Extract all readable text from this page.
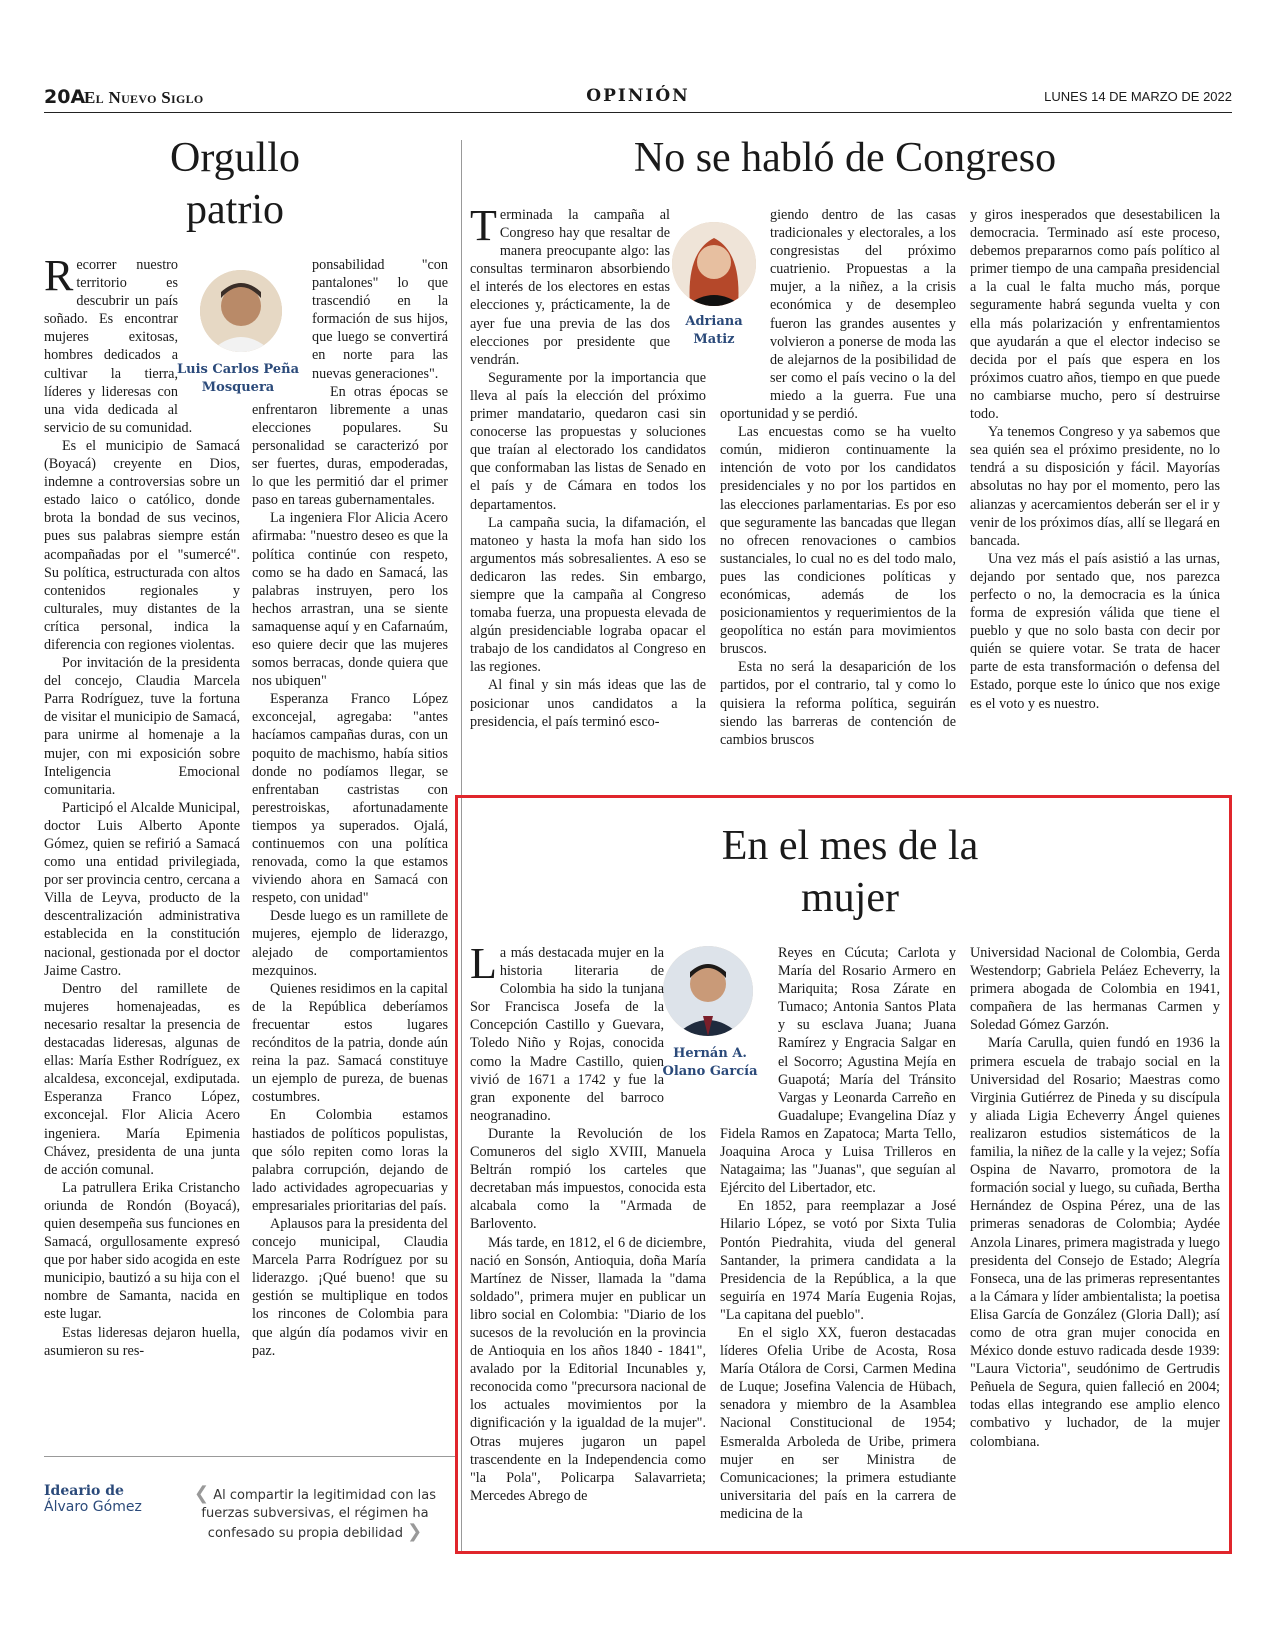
20A
El Nuevo Siglo	OPINIÓN	LUNES 14 DE MARZO DE 2022
Orgullo patrio
Luis Carlos Peña Mosquera

Recorrer nuestro territorio es descubrir un país soñado. Es encontrar mujeres exitosas, hombres dedicados a cultivar la tierra, líderes y lideresas con una vida dedicada al servicio de su comunidad.

Es el municipio de Samacá (Boyacá) creyente en Dios, indemne a controversias sobre un estado laico o católico, donde brota la bondad de sus vecinos, pues sus palabras siempre están acompañadas por el "sumercé". Su política, estructurada con altos contenidos regionales y culturales, muy distantes de la crítica personal, indica la diferencia con regiones violentas.

Por invitación de la presidenta del concejo, Claudia Marcela Parra Rodríguez, tuve la fortuna de visitar el municipio de Samacá, para unirme al homenaje a la mujer, con mi exposición sobre Inteligencia Emocional comunitaria.

Participó el Alcalde Municipal, doctor Luis Alberto Aponte Gómez, quien se refirió a Samacá como una entidad privilegiada, por ser provincia centro, cercana a Villa de Leyva, producto de la descentralización administrativa establecida en la constitución nacional, gestionada por el doctor Jaime Castro.

Dentro del ramillete de mujeres homenajeadas, es necesario resaltar la presencia de destacadas lideresas, algunas de ellas: María Esther Rodríguez, ex alcaldesa, exconcejal, exdiputada. Esperanza Franco López, exconcejal. Flor Alicia Acero ingeniera. María Epimenia Chávez, presidenta de una junta de acción comunal.

La patrullera Erika Cristancho oriunda de Rondón (Boyacá), quien desempeña sus funciones en Samacá, orgullosamente expresó que por haber sido acogida en este municipio, bautizó a su hija con el nombre de Samanta, nacida en este lugar.

Estas lideresas dejaron huella, asumieron su res-

ponsabilidad "con pantalones" lo que trascendió en la formación de sus hijos, que luego se convertirá en norte para las nuevas generaciones".

En otras épocas se enfrentaron libremente a unas elecciones populares. Su personalidad se caracterizó por ser fuertes, duras, empoderadas, lo que les permitió dar el primer paso en tareas gubernamentales.

La ingeniera Flor Alicia Acero afirmaba: "nuestro deseo es que la política continúe con respeto, como se ha dado en Samacá, las palabras instruyen, pero los hechos arrastran, una se siente samaquense aquí y en Cafarnaúm, eso quiere decir que las mujeres somos berracas, donde quiera que nos ubiquen"

Esperanza Franco López exconcejal, agregaba: "antes hacíamos campañas duras, con un poquito de machismo, había sitios donde no podíamos llegar, se enfrentaban castristas con perestroiskas, afortunadamente tiempos ya superados. Ojalá, continuemos con una política renovada, como la que estamos viviendo ahora en Samacá con respeto, con unidad"

Desde luego es un ramillete de mujeres, ejemplo de liderazgo, alejado de comportamientos mezquinos.

Quienes residimos en la capital de la República deberíamos frecuentar estos lugares recónditos de la patria, donde aún reina la paz. Samacá constituye un ejemplo de pureza, de buenas costumbres.

En Colombia estamos hastiados de políticos populistas, que sólo repiten como loras la palabra corrupción, dejando de lado actividades agropecuarias y empresariales prioritarias del país.

Aplausos para la presidenta del concejo municipal, Claudia Marcela Parra Rodríguez por su liderazgo. ¡Qué bueno! que su gestión se multiplique en todos los rincones de Colombia para que algún día podamos vivir en paz.

No se habló de Congreso
Adriana Matiz

Terminada la campaña al Congreso hay que resaltar de manera preocupante algo: las consultas terminaron absorbiendo el interés de los electores en estas elecciones y, prácticamente, la de ayer fue una previa de las dos elecciones por presidente que vendrán.

Seguramente por la importancia que lleva al país la elección del próximo primer mandatario, quedaron casi sin conocerse las propuestas y soluciones que traían al electorado los candidatos que conformaban las listas de Senado en el país y de Cámara en todos los departamentos.

La campaña sucia, la difamación, el matoneo y hasta la mofa han sido los argumentos más sobresalientes. A eso se dedicaron las redes. Sin embargo, siempre que la campaña al Congreso tomaba fuerza, una propuesta elevada de algún presidenciable lograba opacar el trabajo de los candidatos al Congreso en las regiones.

Al final y sin más ideas que las de posicionar unos candidatos a la presidencia, el país terminó esco-

giendo dentro de las casas tradicionales y electorales, a los congresistas del próximo cuatrienio. Propuestas a la mujer, a la niñez, a la crisis económica y de desempleo fueron las grandes ausentes y volvieron a ponerse de moda las de alejarnos de la posibilidad de ser como el país vecino o la del miedo a la guerra. Fue una oportunidad y se perdió.

Las encuestas como se ha vuelto común, midieron continuamente la intención de voto por los candidatos presidenciales y no por los partidos en las elecciones parlamentarias. Es por eso que seguramente las bancadas que llegan no ofrecen renovaciones o cambios sustanciales, lo cual no es del todo malo, pues las condiciones políticas y económicas, además de los posicionamientos y requerimientos de la geopolítica no están para movimientos bruscos.

Esta no será la desaparición de los partidos, por el contrario, tal y como lo quisiera la reforma política, seguirán siendo las barreras de contención de cambios bruscos

y giros inesperados que desestabilicen la democracia. Terminado así este proceso, debemos prepararnos como país político al primer tiempo de una campaña presidencial a la cual le falta mucho más, porque seguramente habrá segunda vuelta y con ella más polarización y enfrentamientos que ayudarán a que el elector indeciso se decida por el país que espera en los próximos cuatro años, tiempo en que puede no cambiarse mucho, pero sí destruirse todo.

Ya tenemos Congreso y ya sabemos que sea quién sea el próximo presidente, no lo tendrá a su disposición y fácil. Mayorías absolutas no hay por el momento, pero las alianzas y acercamientos deberán ser el ir y venir de los próximos días, allí se llegará en bancada.

Una vez más el país asistió a las urnas, dejando por sentado que, nos parezca perfecto o no, la democracia es la única forma de expresión válida que tiene el pueblo y que no solo basta con decir por quién se quiere votar. Se trata de hacer parte de esta transformación o defensa del Estado, porque este lo único que nos exige es el voto y es nuestro.

En el mes de la mujer
Hernán A. Olano García

La más destacada mujer en la historia literaria de Colombia ha sido la tunjana Sor Francisca Josefa de la Concepción Castillo y Guevara, Toledo Niño y Rojas, conocida como la Madre Castillo, quien vivió de 1671 a 1742 y fue la gran exponente del barroco neogranadino.

Durante la Revolución de los Comuneros del siglo XVIII, Manuela Beltrán rompió los carteles que decretaban más impuestos, conocida esta alcabala como la "Armada de Barlovento.

Más tarde, en 1812, el 6 de diciembre, nació en Sonsón, Antioquia, doña María Martínez de Nisser, llamada la "dama soldado", primera mujer en publicar un libro social en Colombia: "Diario de los sucesos de la revolución en la provincia de Antioquia en los años 1840 - 1841", avalado por la Editorial Incunables y, reconocida como "precursora nacional de los actuales movimientos por la dignificación y la igualdad de la mujer". Otras mujeres jugaron un papel trascendente en la Independencia como "la Pola", Policarpa Salavarrieta; Mercedes Abrego de

Reyes en Cúcuta; Carlota y María del Rosario Armero en Mariquita; Rosa Zárate en Tumaco; Antonia Santos Plata y su esclava Juana; Juana Ramírez y Engracia Salgar en el Socorro; Agustina Mejía en Guapotá; María del Tránsito Vargas y Leonarda Carreño en Guadalupe; Evangelina Díaz y Fidela Ramos en Zapatoca; Marta Tello, Joaquina Aroca y Luisa Trilleros en Natagaima; las "Juanas", que seguían al Ejército del Libertador, etc.

En 1852, para reemplazar a José Hilario López, se votó por Sixta Tulia Pontón Piedrahita, viuda del general Santander, la primera candidata a la Presidencia de la República, a la que seguiría en 1974 María Eugenia Rojas, "La capitana del pueblo".

En el siglo XX, fueron destacadas líderes Ofelia Uribe de Acosta, Rosa María Otálora de Corsi, Carmen Medina de Luque; Josefina Valencia de Hübach, senadora y miembro de la Asamblea Nacional Constitucional de 1954; Esmeralda Arboleda de Uribe, primera mujer en ser Ministra de Comunicaciones; la primera estudiante universitaria del país en la carrera de medicina de la

Universidad Nacional de Colombia, Gerda Westendorp; Gabriela Peláez Echeverry, la primera abogada de Colombia en 1941, compañera de las hermanas Carmen y Soledad Gómez Garzón.

María Carulla, quien fundó en 1936 la primera escuela de trabajo social en la Universidad del Rosario; Maestras como Virginia Gutiérrez de Pineda y su discípula y aliada Ligia Echeverry Ángel quienes realizaron estudios sistemáticos de la familia, la niñez de la calle y la vejez; Sofía Ospina de Navarro, promotora de la formación social y luego, su cuñada, Bertha Hernández de Ospina Pérez, una de las primeras senadoras de Colombia; Aydée Anzola Linares, primera magistrada y luego presidenta del Consejo de Estado; Alegría Fonseca, una de las primeras representantes a la Cámara y líder ambientalista; la poetisa Elisa García de González (Gloria Dall); así como de otra gran mujer conocida en México donde estuvo radicada desde 1939: "Laura Victoria", seudónimo de Gertrudis Peñuela de Segura, quien falleció en 2004; todas ellas integrando ese amplio elenco combativo y luchador, de la mujer colombiana.

Ideario de
Álvaro Gómez
❮ Al compartir la legitimidad con las fuerzas subversivas, el régimen ha confesado su propia debilidad ❯
